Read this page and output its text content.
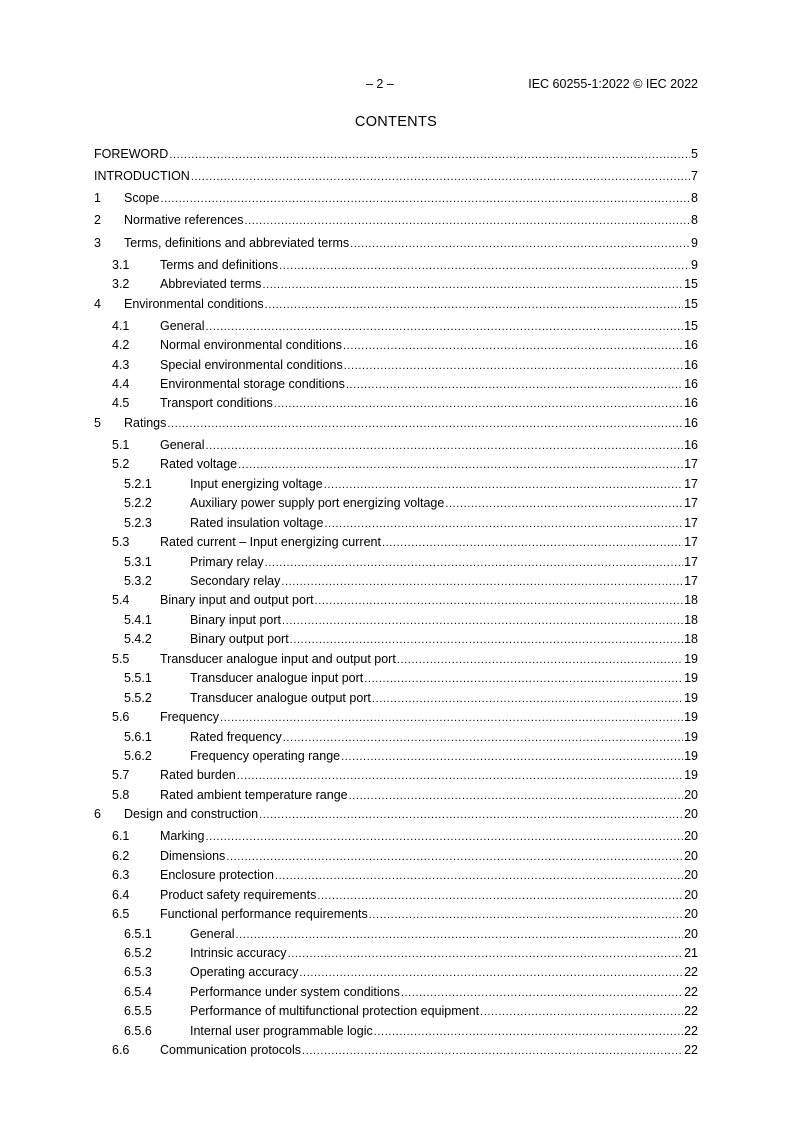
– 2 –	IEC 60255-1:2022 © IEC 2022
CONTENTS
FOREWORD .....	5
INTRODUCTION .....	7
1 Scope .....	8
2 Normative references .....	8
3 Terms, definitions and abbreviated terms .....	9
3.1 Terms and definitions .....	9
3.2 Abbreviated terms .....	15
4 Environmental conditions .....	15
4.1 General .....	15
4.2 Normal environmental conditions .....	16
4.3 Special environmental conditions .....	16
4.4 Environmental storage conditions .....	16
4.5 Transport conditions .....	16
5 Ratings .....	16
5.1 General .....	16
5.2 Rated voltage .....	17
5.2.1	Input energizing voltage .....	17
5.2.2	Auxiliary power supply port energizing voltage .....	17
5.2.3	Rated insulation voltage .....	17
5.3 Rated current – Input energizing current .....	17
5.3.1	Primary relay .....	17
5.3.2	Secondary relay .....	17
5.4 Binary input and output port .....	18
5.4.1	Binary input port .....	18
5.4.2	Binary output port .....	18
5.5 Transducer analogue input and output port .....	19
5.5.1	Transducer analogue input port .....	19
5.5.2	Transducer analogue output port .....	19
5.6 Frequency .....	19
5.6.1	Rated frequency .....	19
5.6.2	Frequency operating range .....	19
5.7 Rated burden .....	19
5.8 Rated ambient temperature range .....	20
6 Design and construction .....	20
6.1 Marking .....	20
6.2 Dimensions .....	20
6.3 Enclosure protection .....	20
6.4 Product safety requirements .....	20
6.5 Functional performance requirements .....	20
6.5.1	General .....	20
6.5.2	Intrinsic accuracy .....	21
6.5.3	Operating accuracy .....	22
6.5.4	Performance under system conditions .....	22
6.5.5	Performance of multifunctional protection equipment .....	22
6.5.6	Internal user programmable logic .....	22
6.6 Communication protocols .....	22
